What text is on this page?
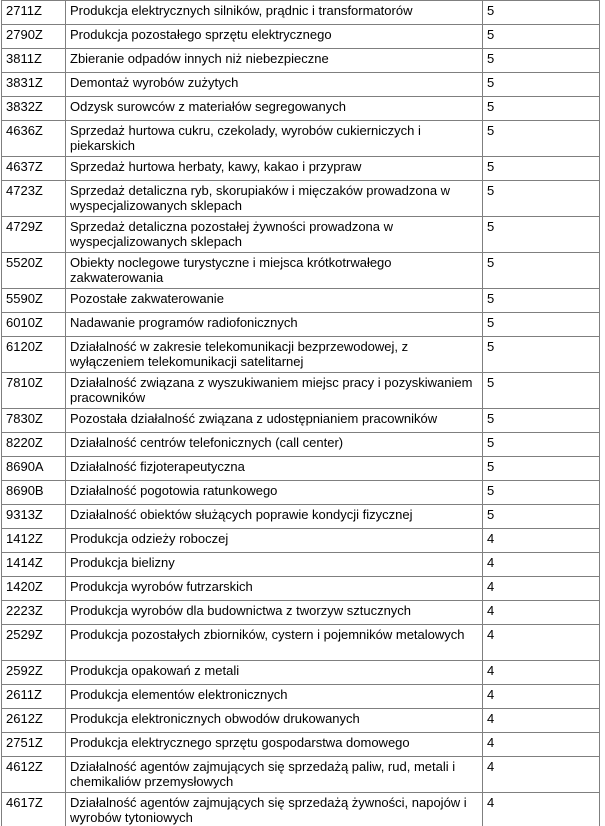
2711Z	Produkcja elektrycznych silników, prądnic i transformatorów	5
2790Z	Produkcja pozostałego sprzętu elektrycznego	5
3811Z	Zbieranie odpadów innych niż niebezpieczne	5
3831Z	Demontaż wyrobów zużytych	5
3832Z	Odzysk surowców z materiałów segregowanych	5
4636Z	Sprzedaż hurtowa cukru, czekolady, wyrobów cukierniczych i piekarskich	5
4637Z	Sprzedaż hurtowa herbaty, kawy, kakao i przypraw	5
4723Z	Sprzedaż detaliczna ryb, skorupiaków i mięczaków prowadzona w wyspecjalizowanych sklepach	5
4729Z	Sprzedaż detaliczna pozostałej żywności prowadzona w wyspecjalizowanych sklepach	5
5520Z	Obiekty noclegowe turystyczne i miejsca krótkotrwałego zakwaterowania	5
5590Z	Pozostałe zakwaterowanie	5
6010Z	Nadawanie programów radiofonicznych	5
6120Z	Działalność w zakresie telekomunikacji bezprzewodowej, z wyłączeniem telekomunikacji satelitarnej	5
7810Z	Działalność związana z wyszukiwaniem miejsc pracy i pozyskiwaniem pracowników	5
7830Z	Pozostała działalność związana z udostępnianiem pracowników	5
8220Z	Działalność centrów telefonicznych (call center)	5
8690A	Działalność fizjoterapeutyczna	5
8690B	Działalność pogotowia ratunkowego	5
9313Z	Działalność obiektów służących poprawie kondycji fizycznej	5
1412Z	Produkcja odzieży roboczej	4
1414Z	Produkcja bielizny	4
1420Z	Produkcja wyrobów futrzarskich	4
2223Z	Produkcja wyrobów dla budownictwa z tworzyw sztucznych	4
2529Z	Produkcja pozostałych zbiorników, cystern i pojemników metalowych	4
2592Z	Produkcja opakowań z metali	4
2611Z	Produkcja elementów elektronicznych	4
2612Z	Produkcja elektronicznych obwodów drukowanych	4
2751Z	Produkcja elektrycznego sprzętu gospodarstwa domowego	4
4612Z	Działalność agentów zajmujących się sprzedażą paliw, rud, metali i chemikaliów przemysłowych	4
4617Z	Działalność agentów zajmujących się sprzedażą żywności, napojów i wyrobów tytoniowych	4
